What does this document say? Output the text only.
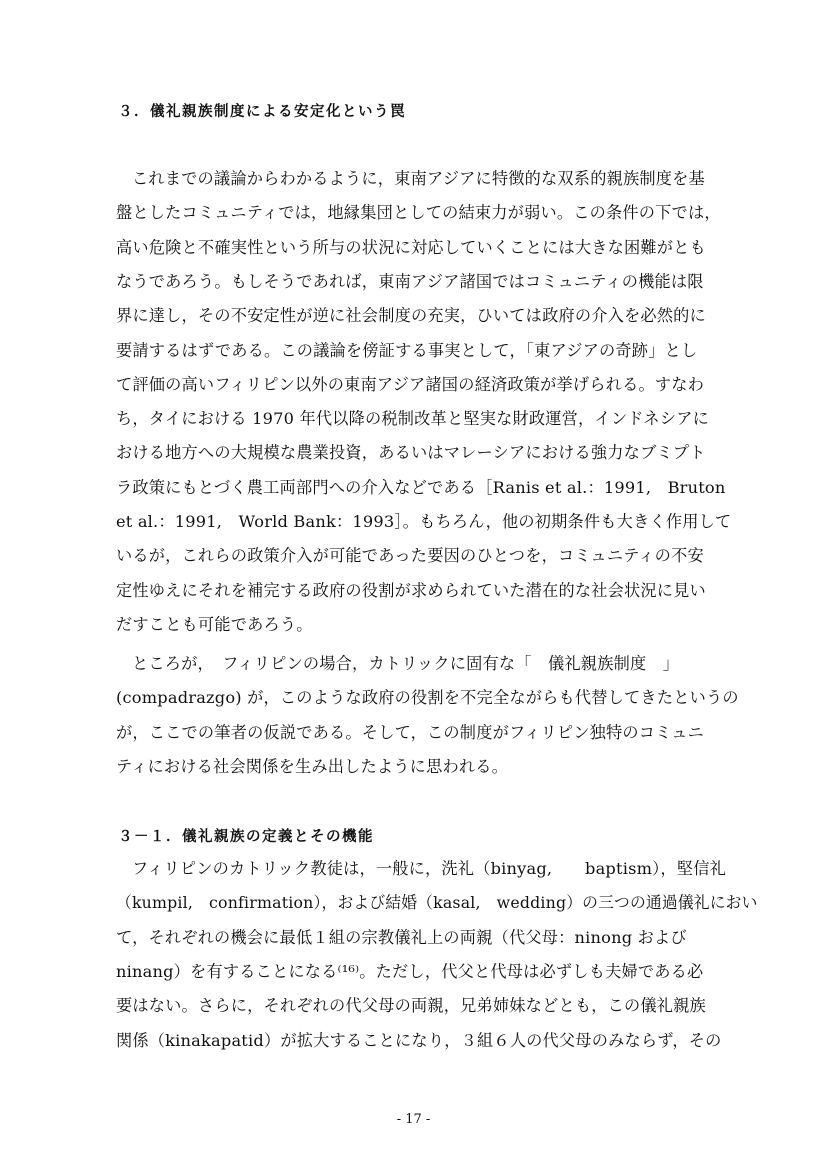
３．儀礼親族制度による安定化という罠
これまでの議論からわかるように，東南アジアに特徴的な双系的親族制度を基
盤としたコミュニティでは，地縁集団としての結束力が弱い。この条件の下では，
高い危険と不確実性という所与の状況に対応していくことには大きな困難がとも
なうであろう。もしそうであれば，東南アジア諸国ではコミュニティの機能は限
界に達し，その不安定性が逆に社会制度の充実，ひいては政府の介入を必然的に
要請するはずである。この議論を傍証する事実として，「東アジアの奇跡」とし
て評価の高いフィリピン以外の東南アジア諸国の経済政策が挙げられる。すなわ
ち，タイにおける 1970 年代以降の税制改革と堅実な財政運営，インドネシアに
おける地方への大規模な農業投資，あるいはマレーシアにおける強力なブミプト
ラ政策にもとづく農工両部門への介入などである［Ranis et al.：1991,　Bruton
et al.：1991,　World Bank：1993］。もちろん，他の初期条件も大きく作用して
いるが，これらの政策介入が可能であった要因のひとつを，コミュニティの不安
定性ゆえにそれを補完する政府の役割が求められていた潜在的な社会状況に見い
だすことも可能であろう。
ところが，　フィリピンの場合，カトリックに固有な「　儀礼親族制度　」
(compadrazgo) が，このような政府の役割を不完全ながらも代替してきたというの
が，ここでの筆者の仮説である。そして，この制度がフィリピン独特のコミュニ
ティにおける社会関係を生み出したように思われる。
３－１．儀礼親族の定義とその機能
フィリピンのカトリック教徒は，一般に，洗礼（binyag,　　baptism），堅信礼
（kumpil,　confirmation），および結婚（kasal,　wedding）の三つの通過儀礼におい
て，それぞれの機会に最低１組の宗教儀礼上の両親（代父母：ninong および
ninang）を有することになる⁽¹⁶⁾。ただし，代父と代母は必ずしも夫婦である必
要はない。さらに，それぞれの代父母の両親，兄弟姉妹などとも，この儀礼親族
関係（kinakapatid）が拡大することになり，３組６人の代父母のみならず，その
- 17 -
